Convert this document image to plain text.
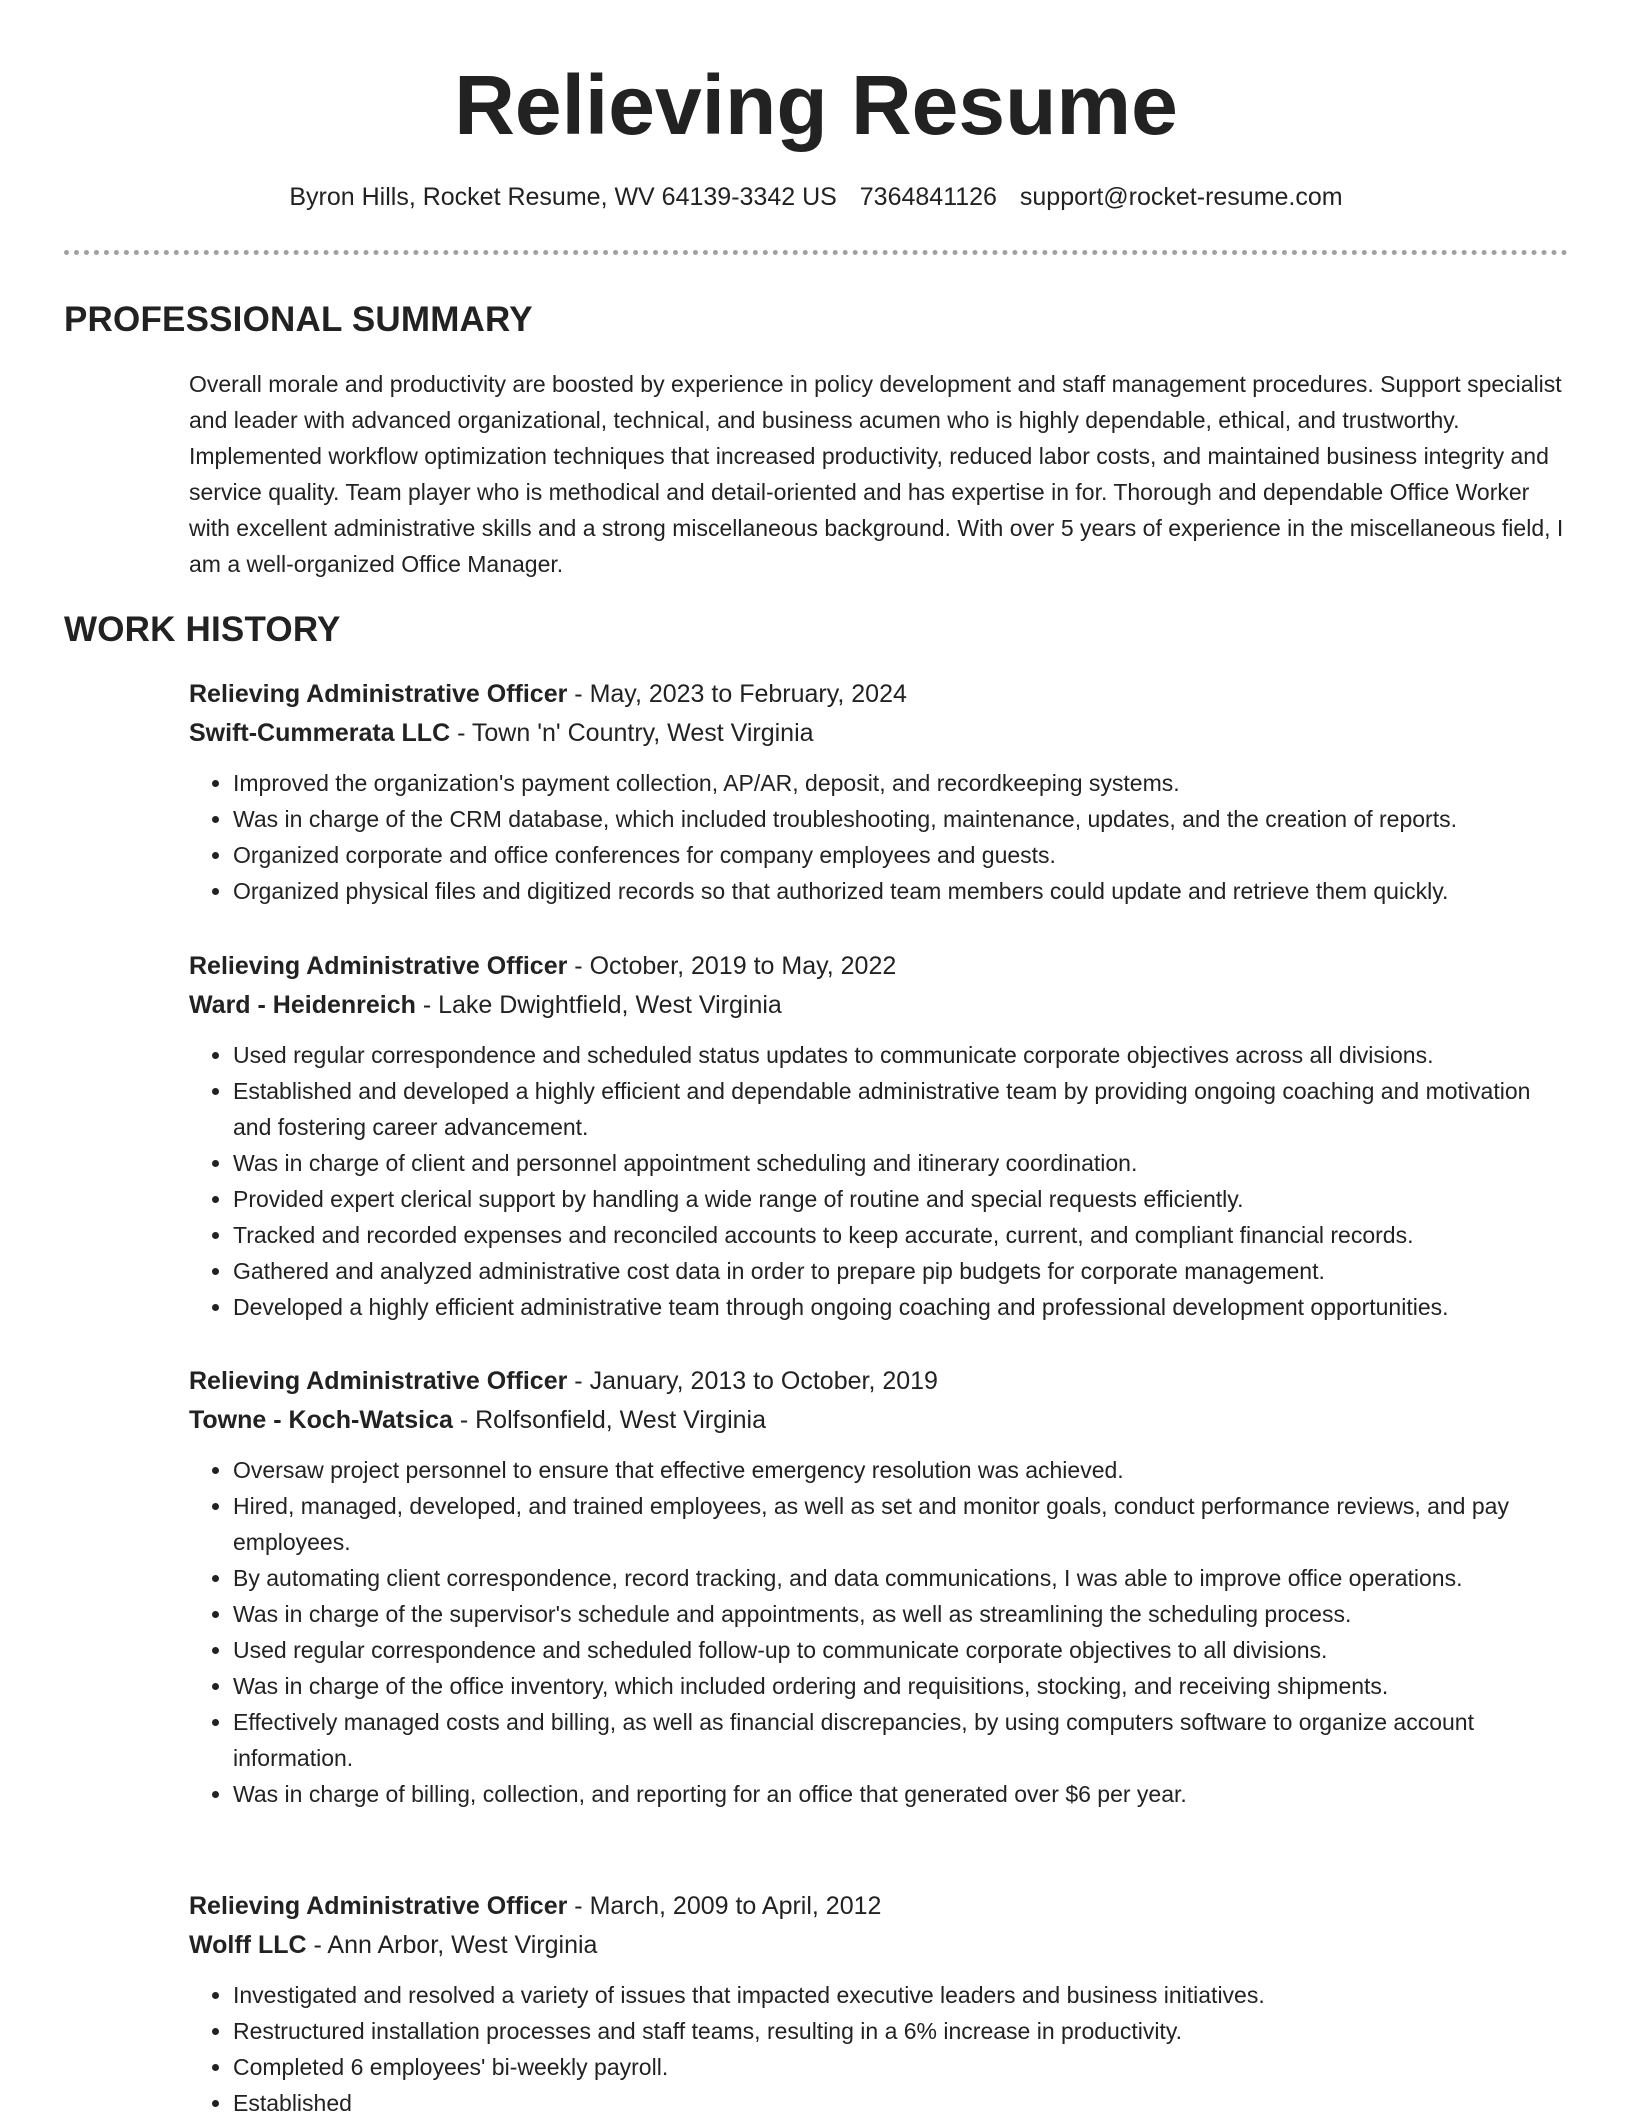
Relieving Resume
Byron Hills, Rocket Resume, WV 64139-3342 US 7364841126 support@rocket-resume.com
PROFESSIONAL SUMMARY

Overall morale and productivity are boosted by experience in policy development and staff management procedures. Support specialist and leader with advanced organizational, technical, and business acumen who is highly dependable, ethical, and trustworthy. Implemented workflow optimization techniques that increased productivity, reduced labor costs, and maintained business integrity and service quality. Team player who is methodical and detail-oriented and has expertise in for. Thorough and dependable Office Worker with excellent administrative skills and a strong miscellaneous background. With over 5 years of experience in the miscellaneous field, I am a well-organized Office Manager.

WORK HISTORY

Relieving Administrative Officer - May, 2023 to February, 2024

Swift-Cummerata LLC - Town 'n' Country, West Virginia

• Improved the organization's payment collection, AP/AR, deposit, and recordkeeping systems.
• Was in charge of the CRM database, which included troubleshooting, maintenance, updates, and the creation of reports.
• Organized corporate and office conferences for company employees and guests.
• Organized physical files and digitized records so that authorized team members could update and retrieve them quickly.

Relieving Administrative Officer - October, 2019 to May, 2022

Ward - Heidenreich - Lake Dwightfield, West Virginia

• Used regular correspondence and scheduled status updates to communicate corporate objectives across all divisions.
• Established and developed a highly efficient and dependable administrative team by providing ongoing coaching and motivation and fostering career advancement.
• Was in charge of client and personnel appointment scheduling and itinerary coordination.
• Provided expert clerical support by handling a wide range of routine and special requests efficiently.
• Tracked and recorded expenses and reconciled accounts to keep accurate, current, and compliant financial records.
• Gathered and analyzed administrative cost data in order to prepare pip budgets for corporate management.
• Developed a highly efficient administrative team through ongoing coaching and professional development opportunities.

Relieving Administrative Officer - January, 2013 to October, 2019

Towne - Koch-Watsica - Rolfsonfield, West Virginia

• Oversaw project personnel to ensure that effective emergency resolution was achieved.
• Hired, managed, developed, and trained employees, as well as set and monitor goals, conduct performance reviews, and pay employees.
• By automating client correspondence, record tracking, and data communications, I was able to improve office operations.
• Was in charge of the supervisor's schedule and appointments, as well as streamlining the scheduling process.
• Used regular correspondence and scheduled follow-up to communicate corporate objectives to all divisions.
• Was in charge of the office inventory, which included ordering and requisitions, stocking, and receiving shipments.
• Effectively managed costs and billing, as well as financial discrepancies, by using computers software to organize account information.
• Was in charge of billing, collection, and reporting for an office that generated over $6 per year.

Relieving Administrative Officer - March, 2009 to April, 2012

Wolff LLC - Ann Arbor, West Virginia

• Investigated and resolved a variety of issues that impacted executive leaders and business initiatives.
• Restructured installation processes and staff teams, resulting in a 6% increase in productivity.
• Completed 6 employees' bi-weekly payroll.
• Established
